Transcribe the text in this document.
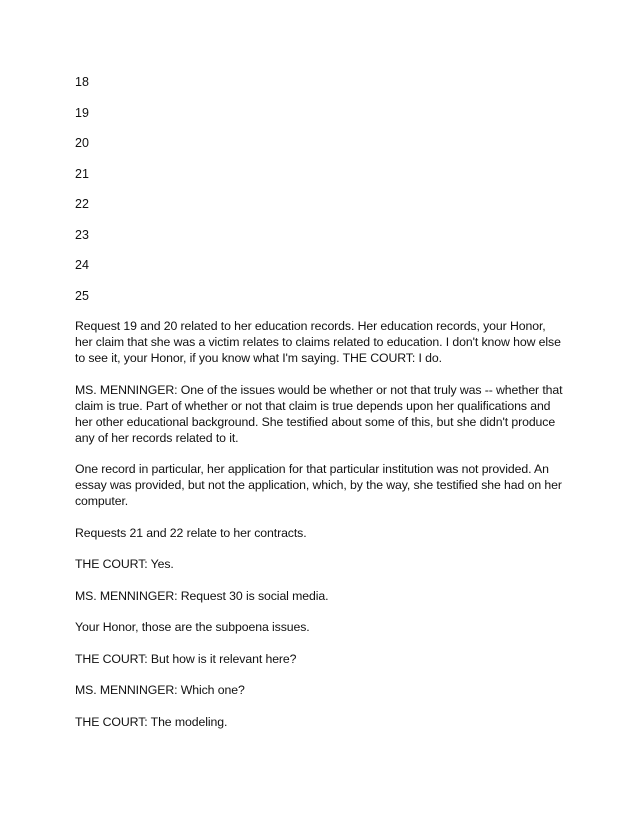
18
19
20
21
22
23
24
25

Request 19 and 20 related to her education records. Her education records, your Honor, her claim that she was a victim relates to claims related to education. I don't know how else to see it, your Honor, if you know what I'm saying. THE COURT: I do.

MS. MENNINGER: One of the issues would be whether or not that truly was -- whether that claim is true. Part of whether or not that claim is true depends upon her qualifications and her other educational background. She testified about some of this, but she didn't produce any of her records related to it.

One record in particular, her application for that particular institution was not provided. An essay was provided, but not the application, which, by the way, she testified she had on her computer.

Requests 21 and 22 relate to her contracts.

THE COURT: Yes.

MS. MENNINGER: Request 30 is social media.

Your Honor, those are the subpoena issues.

THE COURT: But how is it relevant here?

MS. MENNINGER: Which one?

THE COURT: The modeling.
